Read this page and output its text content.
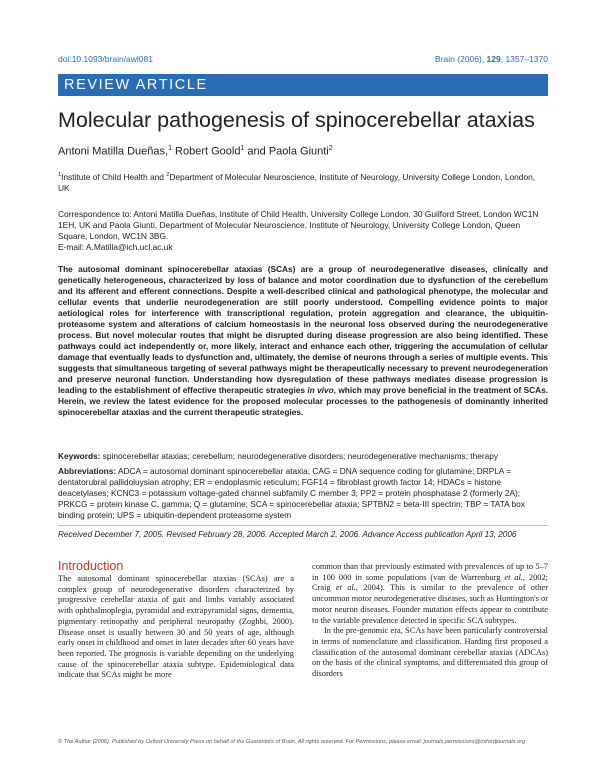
doi:10.1093/brain/awl081	Brain (2006), 129, 1357–1370
REVIEW ARTICLE
Molecular pathogenesis of spinocerebellar ataxias
Antoni Matilla Dueñas,$^1$ Robert Goold$^1$ and Paola Giunti$^2$
$^1$Institute of Child Health and $^2$Department of Molecular Neuroscience, Institute of Neurology, University College London, London, UK
Correspondence to: Antoni Matilla Dueñas, Institute of Child Health, University College London, 30 Guilford Street, London WC1N 1EH, UK and Paola Giunti, Department of Molecular Neuroscience, Institute of Neurology, University College London, Queen Square, London, WC1N 3BG.
E-mail: A.Matilla@ich.ucl.ac.uk
The autosomal dominant spinocerebellar ataxias (SCAs) are a group of neurodegenerative diseases, clinically and genetically heterogeneous, characterized by loss of balance and motor coordination due to dysfunction of the cerebellum and its afferent and efferent connections. Despite a well-described clinical and pathological phenotype, the molecular and cellular events that underlie neurodegeneration are still poorly understood. Compelling evidence points to major aetiological roles for interference with transcriptional regulation, protein aggregation and clearance, the ubiquitin-proteasome system and alterations of calcium homeostasis in the neuronal loss observed during the neurodegenerative process. But novel molecular routes that might be disrupted during disease progression are also being identified. These pathways could act independently or, more likely, interact and enhance each other, triggering the accumulation of cellular damage that eventually leads to dysfunction and, ultimately, the demise of neurons through a series of multiple events. This suggests that simultaneous targeting of several pathways might be therapeutically necessary to prevent neurodegeneration and preserve neuronal function. Understanding how dysregulation of these pathways mediates disease progression is leading to the establishment of effective therapeutic strategies in vivo, which may prove beneficial in the treatment of SCAs. Herein, we review the latest evidence for the proposed molecular processes to the pathogenesis of dominantly inherited spinocerebellar ataxias and the current therapeutic strategies.
Keywords: spinocerebellar ataxias; cerebellum; neurodegenerative disorders; neurodegenerative mechanisms; therapy
Abbreviations: ADCA = autosomal dominant spinocerebellar ataxia; CAG = DNA sequence coding for glutamine; DRPLA = dentatorubral pallidoluysian atrophy; ER = endoplasmic reticulum; FGF14 = fibroblast growth factor 14; HDACs = histone deacetylases; KCNC3 = potassium voltage-gated channel subfamily C member 3; PP2 = protein phosphatase 2 (formerly 2A); PRKCG = protein kinase C, gamma; Q = glutamine; SCA = spinocerebellar ataxia; SPTBN2 = beta-III spectrin; TBP = TATA box binding protein; UPS = ubiquitin-dependent proteasome system
Received December 7, 2005. Revised February 28, 2006. Accepted March 2, 2006. Advance Access publication April 13, 2006
Introduction
The autosomal dominant spinocerebellar ataxias (SCAs) are a complex group of neurodegenerative disorders characterized by progressive cerebellar ataxia of gait and limbs variably associated with ophthalmoplegia, pyramidal and extrapyramidal signs, dementia, pigmentary retinopathy and peripheral neuropathy (Zoghbi, 2000). Disease onset is usually between 30 and 50 years of age, although early onset in childhood and onset in later decades after 60 years have been reported. The prognosis is variable depending on the underlying cause of the spinocerebellar ataxia subtype. Epidemiological data indicate that SCAs might be more
common than that previously estimated with prevalences of up to 5–7 in 100 000 in some populations (van de Warrenburg et al., 2002; Craig et al., 2004). This is similar to the prevalence of other uncommon motor neurodegenerative diseases, such as Huntington's or motor neuron diseases. Founder mutation effects appear to contribute to the variable prevalence detected in specific SCA subtypes.
In the pre-genomic era, SCAs have been particularly controversial in terms of nomenclature and classification. Harding first proposed a classification of the autosomal dominant cerebellar ataxias (ADCAs) on the basis of the clinical symptoms, and differentiated this group of disorders
© The Author (2006). Published by Oxford University Press on behalf of the Guarantors of Brain. All rights reserved. For Permissions, please email: journals.permissions@oxfordjournals.org
